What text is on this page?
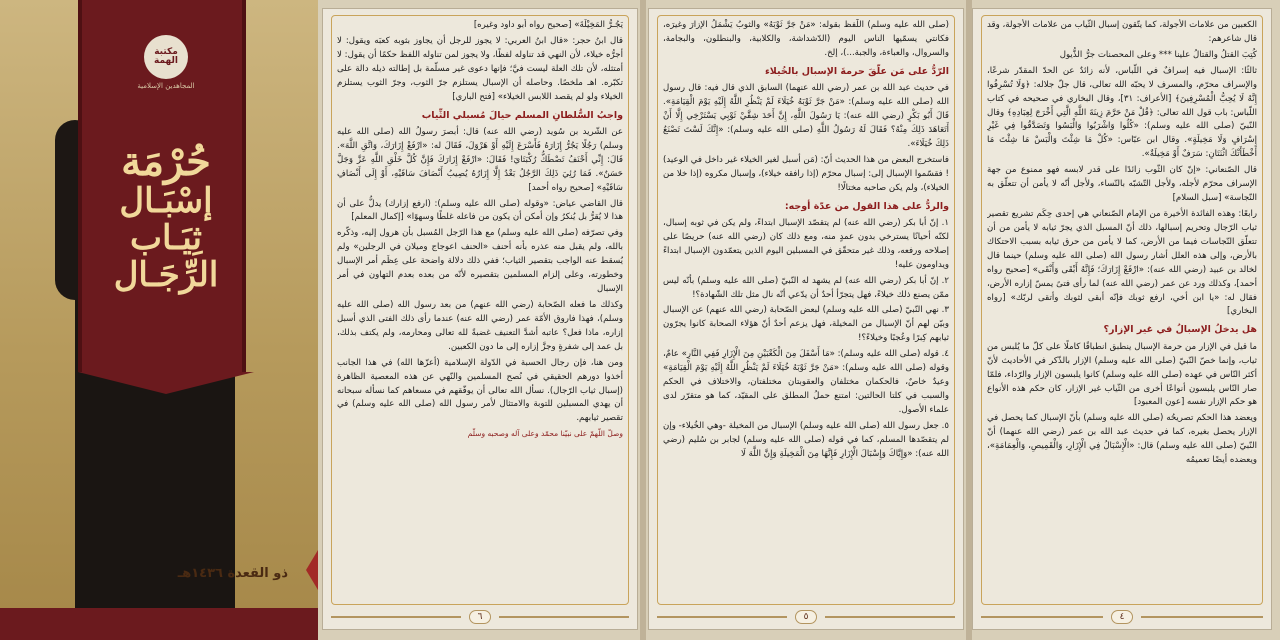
مكتبة الهمة
المجاهدين الإسلامية
حُرْمَة
إسْبَـال
ثِيَـاب
الرِّجَـال
ذو القعدة ١٤٣٦هـ

يَجُـرُّ المَخِيْلَةَ» [صحيح رواه أبو داود وغيره]

قال ابنُ حجر: «قال ابنُ العربي: لا يجوز للرجل أن يجاوز بثوبه كعبَه ويقول: لا أجرُّه خيلاء، لأن النهي قد تناوله لفظًا، ولا يجوز لمن تناوله اللفظ حكمًا أن يقول: لا أمتثله، لأن تلك العلة ليست فيَّ؛ فإنها دعوى غير مسلّمة بل إطالته ذيله دالة على تكبّره. اهـ ملخصًا. وحاصله أن الإسبال يستلزم جرّ الثوب، وجرّ الثوب يستلزم الخيلاء ولو لم يقصد اللابس الخيلاء» [فتح الباري]

واجبُ السُّلطانِ المسلم حيالَ مُسبلي الثِّياب

عن الشّريد بن سُويد (رضي الله عنه) قال: أبصرَ رسولُ الله (صلى الله عليه وسلم) رَجُلًا يَجُرُّ إِزَارَهُ فَأَسْرَعَ إِلَيْهِ أَوْ هَرْوَلَ، فَقَالَ له: «ارْفَعْ إِزَارَكَ، وَاتَّقِ اللَّهَ». قَالَ: إِنِّي أَحْنَفُ تَصْطَكُّ رُكْبَتَايَ! فَقَالَ: «ارْفَعْ إِزَارَكَ فَإِنَّ كُلَّ خَلْقِ اللَّهِ عَزَّ وَجَلَّ حَسَنٌ». فَمَا رُئِيَ ذَلِكَ الرَّجُلُ بَعْدُ إِلَّا إِزَارُهُ يُصِيبُ أَنْصَافَ سَاقَيْهِ، أَوْ إِلَى أَنْصَافِ سَاقَيْهِ» [صحيح رواه أحمد]

قال القاضي عياض: «وقوله (صلى الله عليه وسلم): (ارفع إزارك) يدلُّ على أن هذا لا يُقرُّ بل يُنكرُ وإن أمكن أن يكون من فاعله غلطًا وسهوًا» [إكمال المعلم]

وفي تصرّفه (صلى الله عليه وسلم) مع هذا الرّجل المُسبل بأن هرول إليه، وذكّره بالله، ولم يقبل منه عذره بأنه أحنف «الحنف اعوجاج وميلان في الرجلين» ولم يُسقط عنه الواجب بتقصير الثياب؛ ففي ذلك دلالة واضحة على عِظَم أمر الإسبال وخطورته، وعلى إلزام المسلمين بتقصيره لأنّه من بعده بعدم التهاون في أمر الإسبال

وكذلك ما فعله الصّحابة (رضي الله عنهم) من بعد رسول الله (صلى الله عليه وسلم)، فهذا فاروق الأمّة عمر (رضي الله عنه) عندما رأى ذلك الفتى الذي أسبل إزاره، ماذا فعل؟ عاتبه أشدَّ التعنيف غضبةً لله تعالى ومحارمه، ولم يكتف بذلك، بل عمد إلى شفرةٍ وجزَّ إزاره إلى ما دون الكعبين.

ومن هنا، فإن رجال الحسبة في الدّولة الإسلامية (أعزّها الله) في هذا الجانب أخذوا دورهم الحقيقي في نُصح المسلمين والنّهي عن هذه المعصية الظاهرة (إسبال ثياب الرّجال). نسأل الله تعالى أن يوفّقهم في مسعاهم كما نسأله سبحانه أن يهدي المسبلين للتوبة والامتثال لأمر رسول الله (صلى الله عليه وسلم) في تقصير ثيابهم.

وصلّ اللّهمّ على نبيّنا محمّد وعلى آله وصحبه وسلّم

٦

(صلى الله عليه وسلم) اللّفظ بقوله: «مَنْ جَرَّ ثَوْبَهُ» والثوبُ يَشْمَلُ الإزارَ وغيرَه، فكانتي يسمّيها الناس اليوم (الدّشداشة، والكلابية، والبنطلون، والبجامة، والسروال، والعباءة، والجبة...)، إلخ.

الرّدُّ على مَن علّقَ حرمةَ الإسبال بالخُيلاء

في حديث عبد الله بن عمر (رضي الله عنهما) السابق الذي قال فيه: قال رسول الله (صلى الله عليه وسلم): «مَنْ جَرَّ ثَوْبَهُ خُيَلَاءَ لَمْ يَنْظُرِ اللَّهُ إِلَيْهِ يَوْمَ الْقِيَامَةِ». قَالَ أَبُو بَكْرٍ (رضي الله عنه): يَا رَسُولَ اللَّهِ، إِنَّ أَحَدَ شِقَّيْ ثَوْبِي يَسْتَرْخِي إِلَّا أَنْ أَتَعَاهَدَ ذَلِكَ مِنْهُ؟ فَقَالَ لَهُ رَسُولُ اللَّهِ (صلى الله عليه وسلم): «إِنَّكَ لَسْتَ تَصْنَعُ ذَلِكَ خُيَلَاءَ».

فاستخرج البعض من هذا الحديث أنّ: (مَن أسبل لغير الخيلاء غير داخل في الوعيد) ! فقسّموا الإسبال إلى: إسبال محرّم (إذا رافقه خيلاء)، وإسبال مكروه (إذا خلا من الخيلاء)، ولم يكن صاحبه مختالًا!

والردُّ على هذا القول من عدّة أوجه:

١. إنّ أبا بكر (رضي الله عنه) لم يتقصّد الإسبال ابتداءً، ولم يكن في ثوبه إسبال، لكنّه أحيانًا يسترخي بدون عمدٍ منه، ومع ذلك كان (رضي الله عنه) حريصًا على إصلاحه ورفعه، وذلك غير متحقّق في المسبلين اليوم الذين يتعمّدون الإسبال ابتداءً ويداومون عليه!

٢. إنّ أبا بكر (رضي الله عنه) لم يشهد له النّبيّ (صلى الله عليه وسلم) بأنّه ليس ممّن يصنع ذلك خيلاءً، فهل يتجرّأ أحدٌ أن يدّعي أنّه نال مثل تلك الشّهادة؟!

٣. نهي النّبيّ (صلى الله عليه وسلم) لبعض الصّحابة (رضي الله عنهم) عن الإسبال وبيّن لهم أنّ الإسبال من المخيلة، فهل يزعم أحدٌ أنّ هؤلاء الصحابة كانوا يجرّون ثيابهم كِبرًا وعُجبًا وخيلاءً؟!

٤. قوله (صلى الله عليه وسلم): «مَا أَسْفَلَ مِنَ الْكَعْبَيْنِ مِنَ الْإِزَارِ فَفِي النَّارِ» عامٌ، وقوله (صلى الله عليه وسلم): «مَنْ جَرَّ ثَوْبَهُ خُيَلَاءَ لَمْ يَنْظُرِ اللَّهُ إِلَيْهِ يَوْمَ الْقِيَامَةِ» وعيدٌ خاصٌ، فالحكمان مختلفان والعقوبتان مختلفتان، والاختلاف في الحكم والسبب في كلتا الحالتين: امتنع حملُ المطلق على المقيّد، كما هو متقرّر لدى علماء الأصول.

٥. جعل رسول الله (صلى الله عليه وسلم) الإسبال من المخيلة -وهي الخُيلاء- وإن لم يتقصّدها المسلم، كما في قوله (صلى الله عليه وسلم) لجابر بن سُليم (رضي الله عنه): «وَإِيَّاكَ وَإِسْبَالَ الْإِزَارِ فَإِنَّهَا مِنَ الْمَخِيلَةِ وَإِنَّ اللَّهَ لَا

٥

الكعبين من علامات الأجولة، كما يتّقون إسبال الثّياب من علامات الأجولة، وقد قال شاعرهم:

كُتِبَ القتلُ والقتالُ علينا *** وعلى المحصنات جرُّ الذُّيول

ثالثًا: الإسبال فيه إسرافٌ في اللّباس، لأنه زائدٌ عن الحدّ المقدّر شرعًا، والإسراف محرّم، والمسرف لا يحبّه الله تعالى، قال جلّ جلاله: ﴿وَلَا تُسْرِفُوا إِنَّهُ لَا يُحِبُّ الْمُسْرِفِينَ﴾ [الأعراف: ٣١]، وقال البخاري في صحيحه في كتاب اللّباس: باب قول الله تعالى: ﴿قُلْ مَنْ حَرَّمَ زِينَةَ اللَّهِ الَّتِي أَخْرَجَ لِعِبَادِهِ﴾ وقال النّبيّ (صلى الله عليه وسلم): «كُلُوا وَاشْرَبُوا وَالْبَسُوا وَتَصَدَّقُوا فِي غَيْرِ إِسْرَافٍ وَلَا مَخِيلَةٍ». وقال ابن عبّاس: «كُلْ مَا شِئْتَ وَالْبَسْ مَا شِئْتَ مَا أَخْطَأَتْكَ اثْنَتَانِ: سَرَفٌ أَوْ مَخِيلَةٌ».

قال الصّنعاني: «إنّ كان الثّوب زائدًا على قدر لابسه فهو ممنوع من جهة الإسراف محرّم لأجله، ولأجل التّشبّه بالنّساء، ولأجل أنّه لا يأمن أن تتعلّق به النّجاسة» [سبل السلام]

رابعًا: وهذه الفائدة الأخيرة من الإمام الصّنعاني هي إحدى حِكَم تشريع تقصير ثياب الرّجال وتحريم إسبالها، ذلك أنّ المسبل الذي يجرّ ثيابه لا يأمن من أن تتعلّق النّجاسات فيما من الأرض، كما لا يأمن من حرق ثيابه بسبب الاحتكاك بالأرض، وإلى هذه العلل أشار رسول الله (صلى الله عليه وسلم) حينما قال لخالد بن عبيد (رضي الله عنه): «ارْفَعْ إِزَارَكَ؛ فَإِنَّهُ أَبْقَى وَأَنْقَى» [صحيح رواه أحمد]، وكذلك ورد عن عمر (رضي الله عنه) لما رأى فتىً يمسّ إزاره الأرض، فقال له: «يا ابن أخي، ارفع ثوبك فإنّه أبقى لثوبك وأتقى لربّك» [رواه البخاري]

هل يدخلُ الإسبالُ في غير الإزار؟

ما قيل في الإزار من حرمة الإسبال ينطبق انطباقًا كاملًا على كلّ ما يُلبس من ثياب، وإنما خصّ النّبيّ (صلى الله عليه وسلم) الإزار بالذّكر في الأحاديث لأنّ أكثر النّاس في عهده (صلى الله عليه وسلم) كانوا يلبسون الإزار والرّداء، فلمّا صار النّاس يلبسون أنواعًا أخرى من الثّياب غير الإزار، كان حكم هذه الأنواع هو حكم الإزار نفسه [عون المعبود]

ويعضد هذا الحكم تصريحُه (صلى الله عليه وسلم) بأنّ الإسبال كما يحصل في الإزار يحصل بغيره، كما في حديث عبد الله بن عمر (رضي الله عنهما) أنّ النّبيّ (صلى الله عليه وسلم) قال: «الْإِسْبَالُ فِي الْإِزَارِ، وَالْقَمِيصِ، وَالْعِمَامَةِ»، ويعضده أيضًا تعميمُه

٤
